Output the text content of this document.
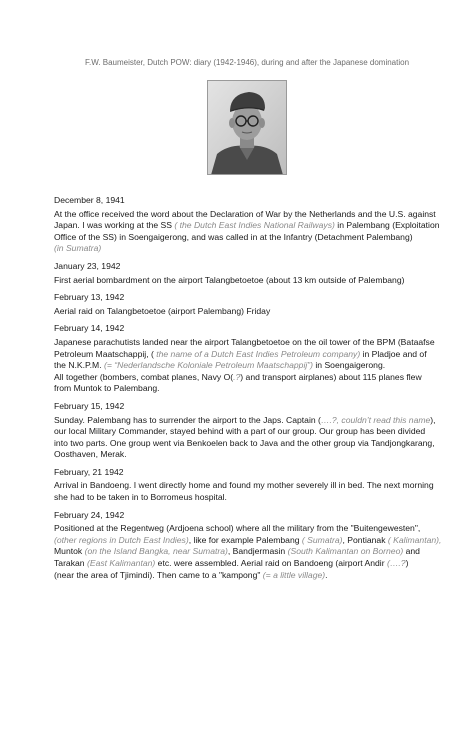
F.W. Baumeister, Dutch POW: diary (1942-1946), during and after the Japanese domination
December 8, 1941
At the office received the word about the Declaration of War by the Netherlands and the U.S. against
Japan. I was working at the SS ( the Dutch East Indies National Railways) in Palembang (Exploitation
Office of the SS) in Soengaigerong, and was called in at the Infantry (Detachment Palembang)
(in Sumatra)
January 23, 1942
First aerial bombardment on the airport Talangbetoetoe (about 13 km outside of Palembang)
February 13, 1942
Aerial raid on Talangbetoetoe (airport Palembang) Friday
February 14, 1942
Japanese parachutists landed near the airport Talangbetoetoe on the oil tower of the BPM (Bataafse
Petroleum Maatschappij, ( the name of a Dutch East Indies Petroleum company) in Pladjoe and of
the N.K.P.M. (= “Nederlandsche Koloniale Petroleum Maatschappij”) in Soengaigerong.
All together (bombers, combat planes, Navy O(.?) and transport airplanes) about 115 planes flew
from Muntok to Palembang.
February 15, 1942
Sunday. Palembang has to surrender the airport to the Japs. Captain (….?, couldn’t read this name),
our local Military Commander, stayed behind with a part of our group. Our group has been divided
into two parts. One group went via Benkoelen back to Java and the other group via Tandjongkarang,
Oosthaven, Merak.
February, 21 1942
Arrival in Bandoeng. I went directly home and found my mother severely ill in bed. The next morning
she had to be taken in to Borromeus hospital.
February 24, 1942
Positioned at the Regentweg (Ardjoena school) where all the military from the "Buitengewesten",
(other regions in Dutch East Indies), like for example Palembang ( Sumatra), Pontianak ( Kalimantan),
Muntok (on the Island Bangka, near Sumatra), Bandjermasin (South Kalimantan on Borneo) and
Tarakan (East Kalimantan) etc. were assembled. Aerial raid on Bandoeng (airport Andir (….?)
(near the area of Tjimindi). Then came to a "kampong" (= a little village).
